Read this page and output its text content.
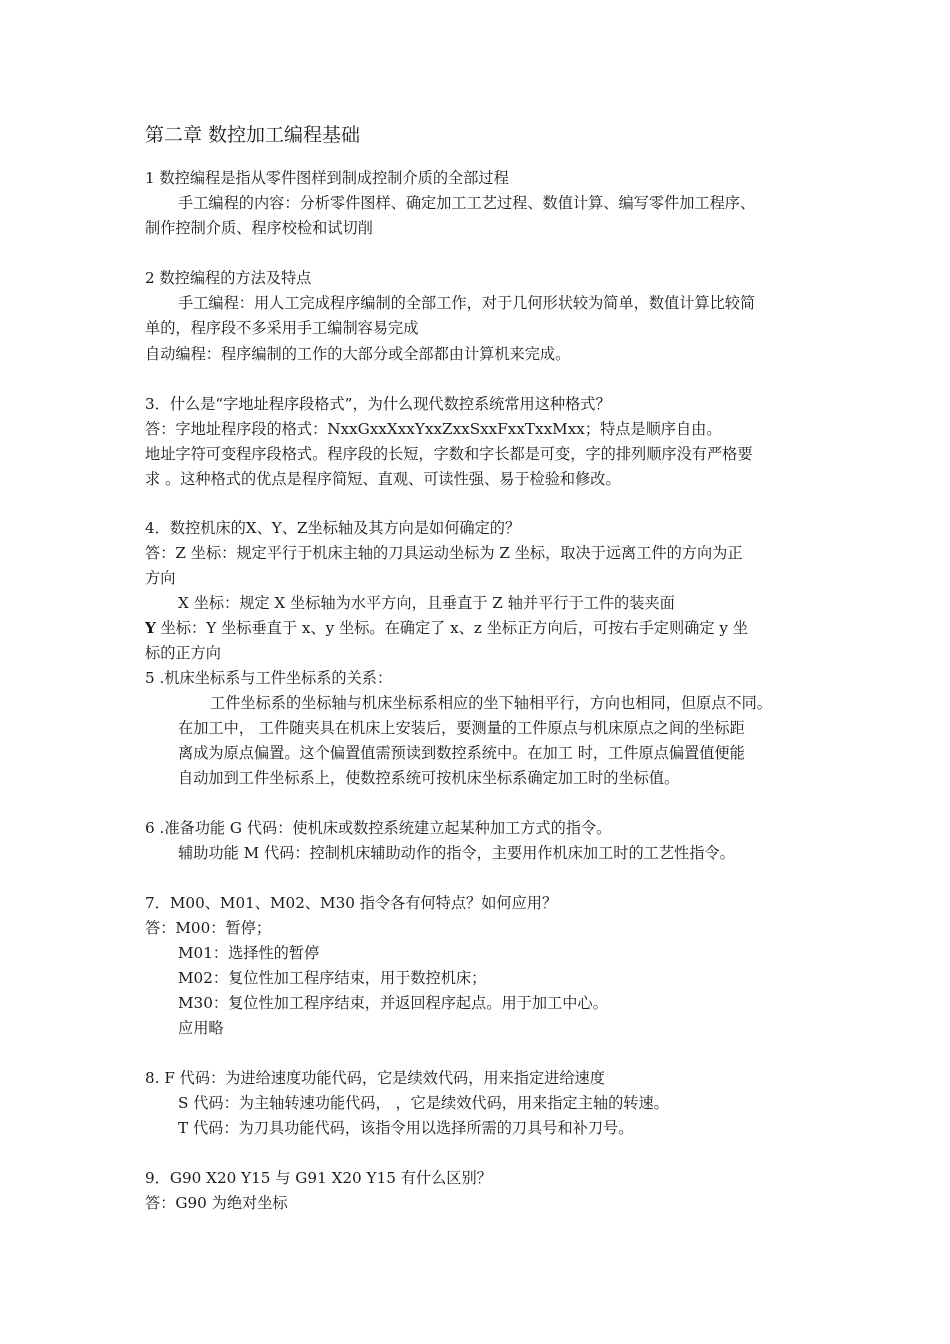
第二章 数控加工编程基础
1 数控编程是指从零件图样到制成控制介质的全部过程
手工编程的内容：分析零件图样、确定加工工艺过程、数值计算、编写零件加工程序、
制作控制介质、程序校检和试切削
2 数控编程的方法及特点
手工编程：用人工完成程序编制的全部工作，对于几何形状较为简单，数值计算比较简
单的，程序段不多采用手工编制容易完成
自动编程：程序编制的工作的大部分或全部都由计算机来完成。
3．什么是“字地址程序段格式”，为什么现代数控系统常用这种格式？
答：字地址程序段的格式：NxxGxxXxxYxxZxxSxxFxxTxxMxx；特点是顺序自由。
地址字符可变程序段格式。程序段的长短，字数和字长都是可变，字的排列顺序没有严格要
求 。这种格式的优点是程序简短、直观、可读性强、易于检验和修改。
4．数控机床的X、Y、Z坐标轴及其方向是如何确定的？
答：Z 坐标：规定平行于机床主轴的刀具运动坐标为 Z 坐标，取决于远离工件的方向为正
方向
X 坐标：规定 X 坐标轴为水平方向，且垂直于 Z 轴并平行于工件的装夹面
Y 坐标：Y 坐标垂直于 x、y 坐标。在确定了 x、z 坐标正方向后，可按右手定则确定 y 坐
标的正方向
5 .机床坐标系与工件坐标系的关系：
工件坐标系的坐标轴与机床坐标系相应的坐下轴相平行，方向也相同，但原点不同。
在加工中， 工件随夹具在机床上安装后，要测量的工件原点与机床原点之间的坐标距
离成为原点偏置。这个偏置值需预读到数控系统中。在加工 时，工件原点偏置值便能
自动加到工件坐标系上，使数控系统可按机床坐标系确定加工时的坐标值。
6 .准备功能 G 代码：使机床或数控系统建立起某种加工方式的指令。
辅助功能 M 代码：控制机床辅助动作的指令，主要用作机床加工时的工艺性指令。
7．M00、M01、M02、M30 指令各有何特点？如何应用？
答：M00：暂停；
M01：选择性的暂停
M02：复位性加工程序结束，用于数控机床；
M30：复位性加工程序结束，并返回程序起点。用于加工中心。
应用略
8. F 代码：为进给速度功能代码，它是续效代码，用来指定进给速度
S 代码：为主轴转速功能代码， ，它是续效代码，用来指定主轴的转速。
T 代码：为刀具功能代码，该指令用以选择所需的刀具号和补刀号。
9．G90 X20 Y15 与 G91 X20 Y15 有什么区别？
答：G90 为绝对坐标
